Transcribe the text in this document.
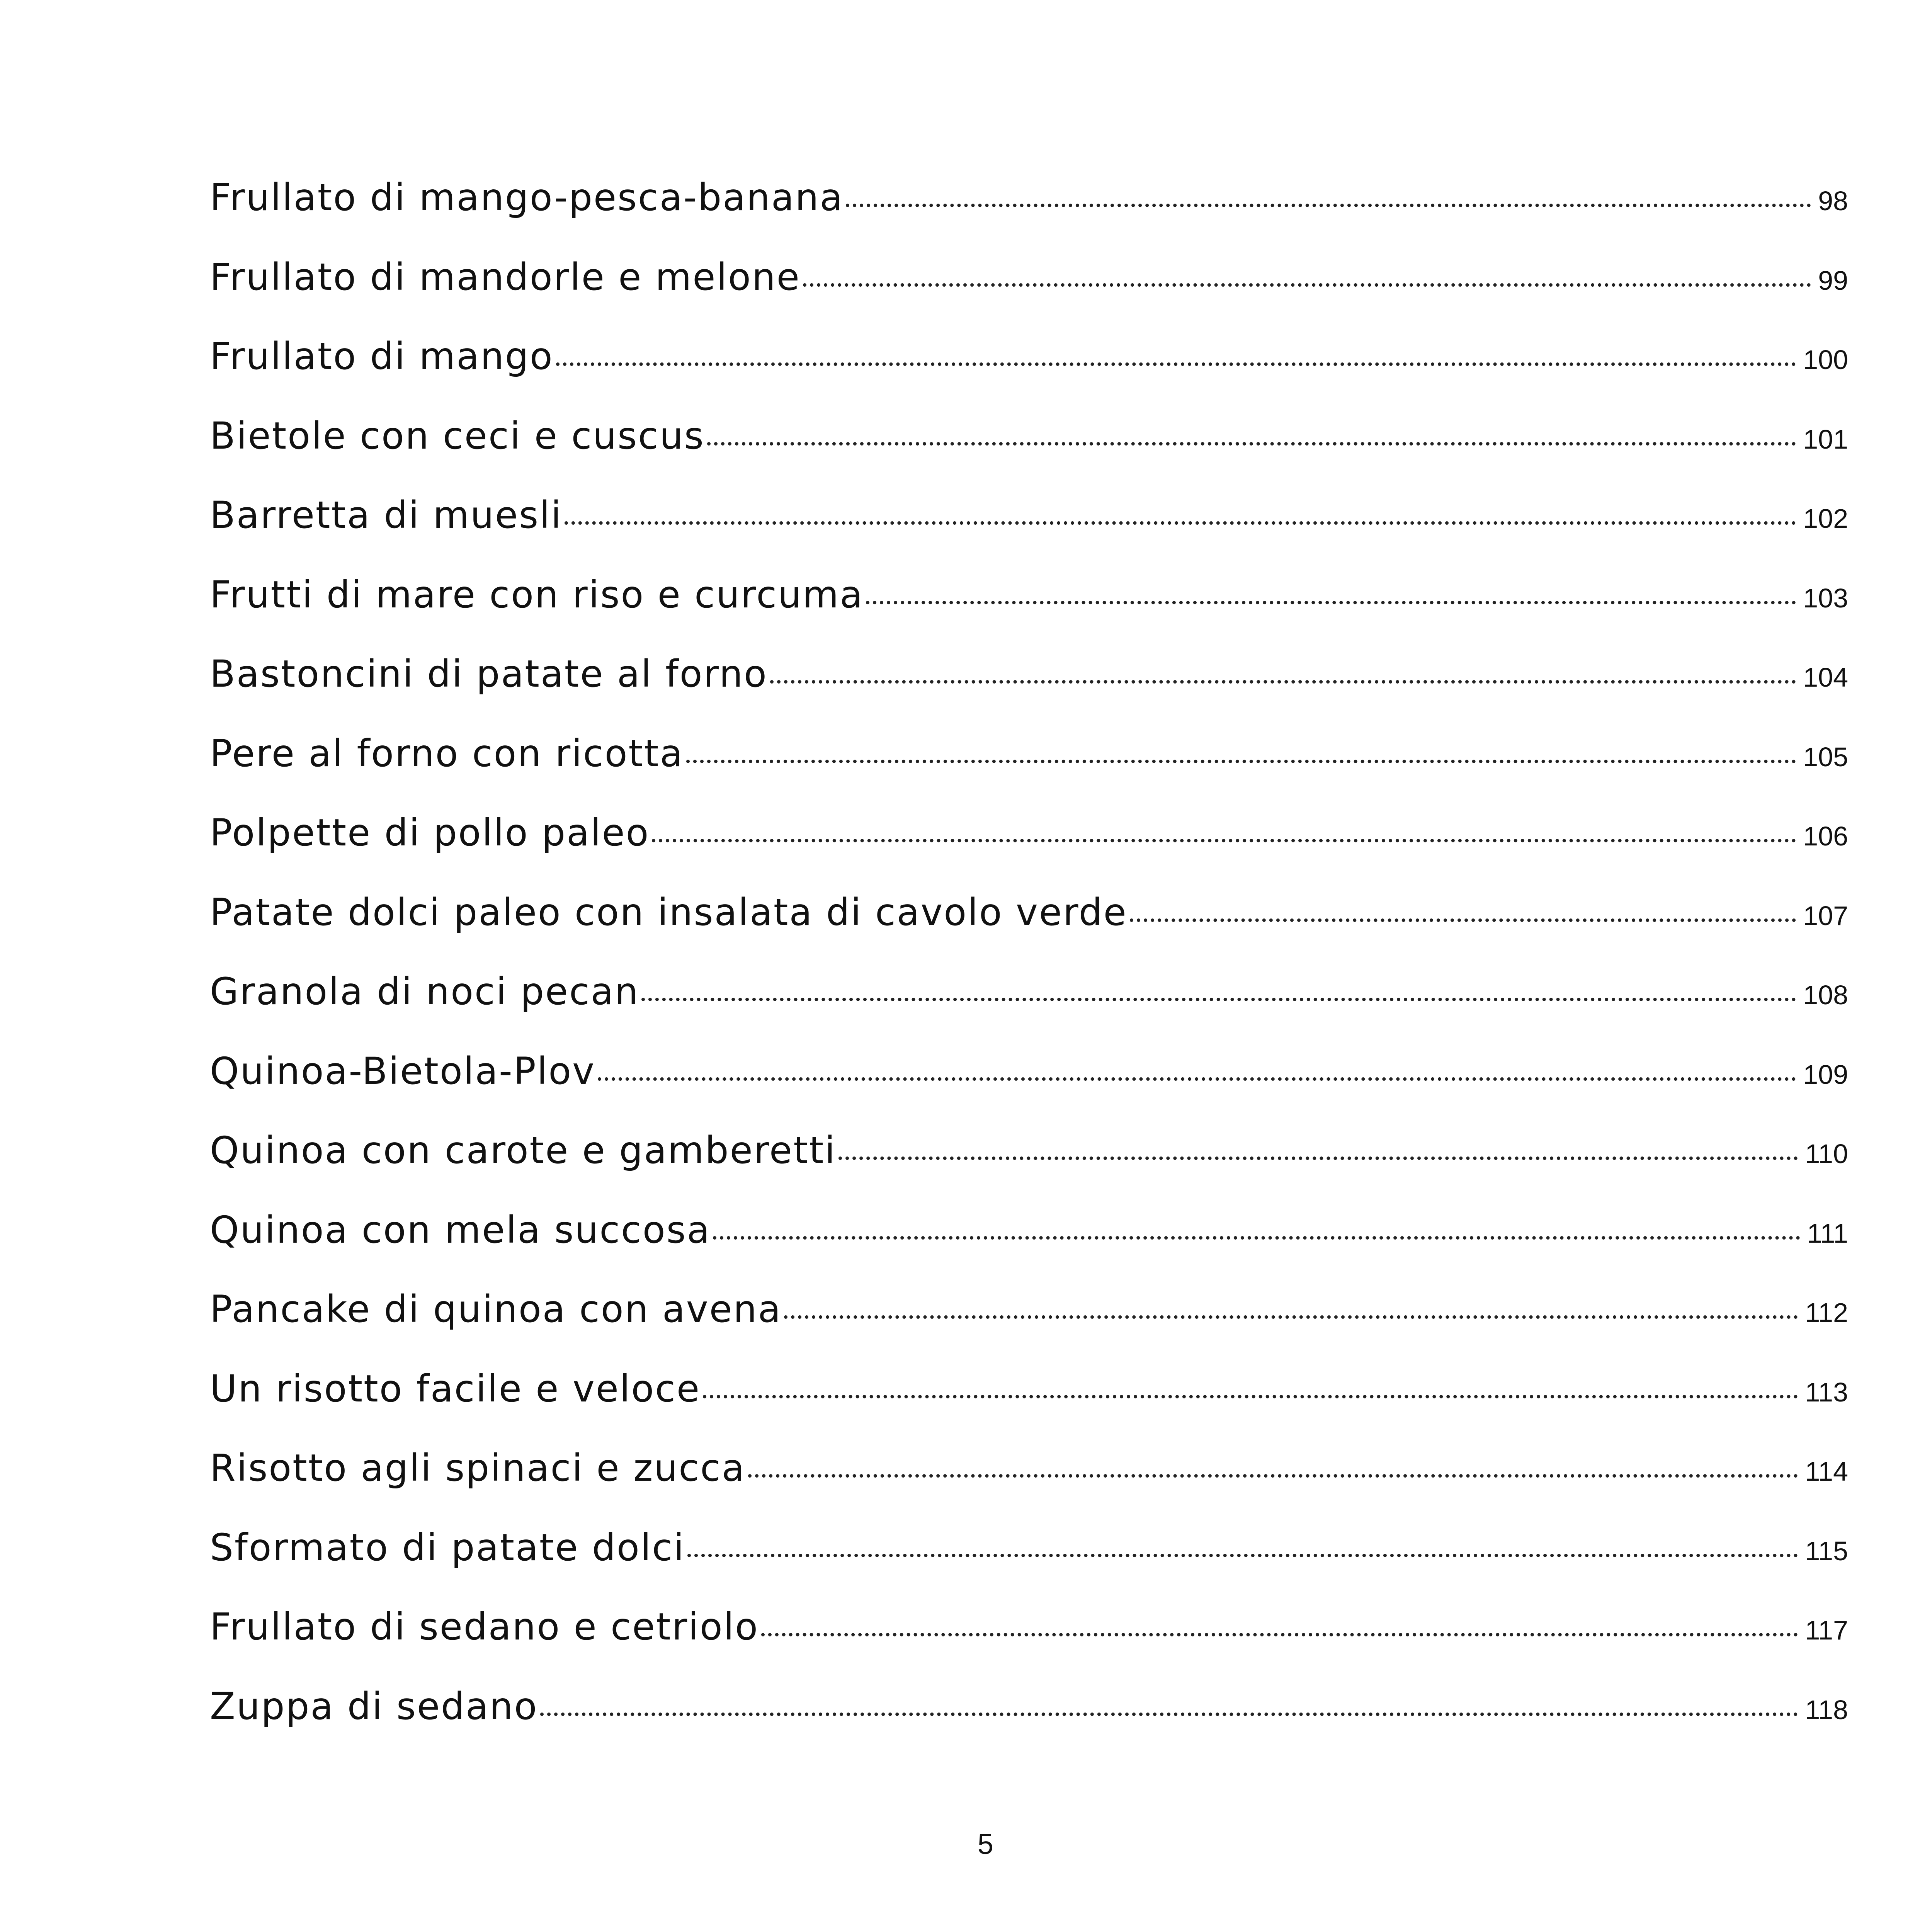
Frullato di mango-pesca-banana	98
Frullato di mandorle e melone	99
Frullato di mango	100
Bietole con ceci e cuscus	101
Barretta di muesli	102
Frutti di mare con riso e curcuma	103
Bastoncini di patate al forno	104
Pere al forno con ricotta	105
Polpette di pollo paleo	106
Patate dolci paleo con insalata di cavolo verde	107
Granola di noci pecan	108
Quinoa-Bietola-Plov	109
Quinoa con carote e gamberetti	110
Quinoa con mela succosa	111
Pancake di quinoa con avena	112
Un risotto facile e veloce	113
Risotto agli spinaci e zucca	114
Sformato di patate dolci	115
Frullato di sedano e cetriolo	117
Zuppa di sedano	118
5
